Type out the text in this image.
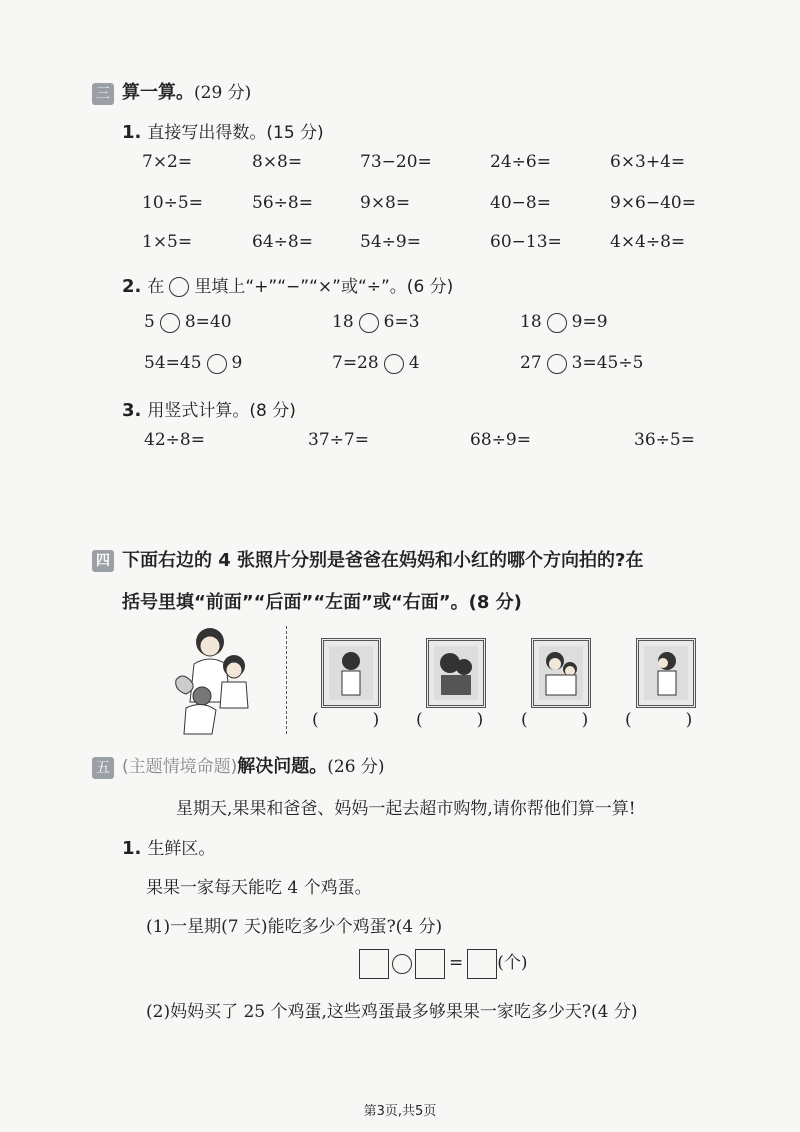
三 算一算。(29 分)
1. 直接写出得数。(15 分)
7×2=	8×8=	73−20=	24÷6=	6×3+4=
10÷5=	56÷8=	9×8=	40−8=	9×6−40=
1×5=	64÷8=	54÷9=	60−13=	4×4÷8=
2. 在 里填上“+”“−”“×”或“÷”。(6 分)
5 8=40	18 6=3	18 9=9
54=45 9	7=28 4	27 3=45÷5
3. 用竖式计算。(8 分)
42÷8=	37÷7=	68÷9=	36÷5=
四 下面右边的 4 张照片分别是爸爸在妈妈和小红的哪个方向拍的?在
括号里填“前面”“后面”“左面”或“右面”。(8 分)
(          ) (          ) (          ) (          )
五 (主题情境命题)解决问题。(26 分)
星期天,果果和爸爸、妈妈一起去超市购物,请你帮他们算一算!
1. 生鲜区。
果果一家每天能吃 4 个鸡蛋。
(1)一星期(7 天)能吃多少个鸡蛋?(4 分)
= (个)
(2)妈妈买了 25 个鸡蛋,这些鸡蛋最多够果果一家吃多少天?(4 分)
第3页,共5页
